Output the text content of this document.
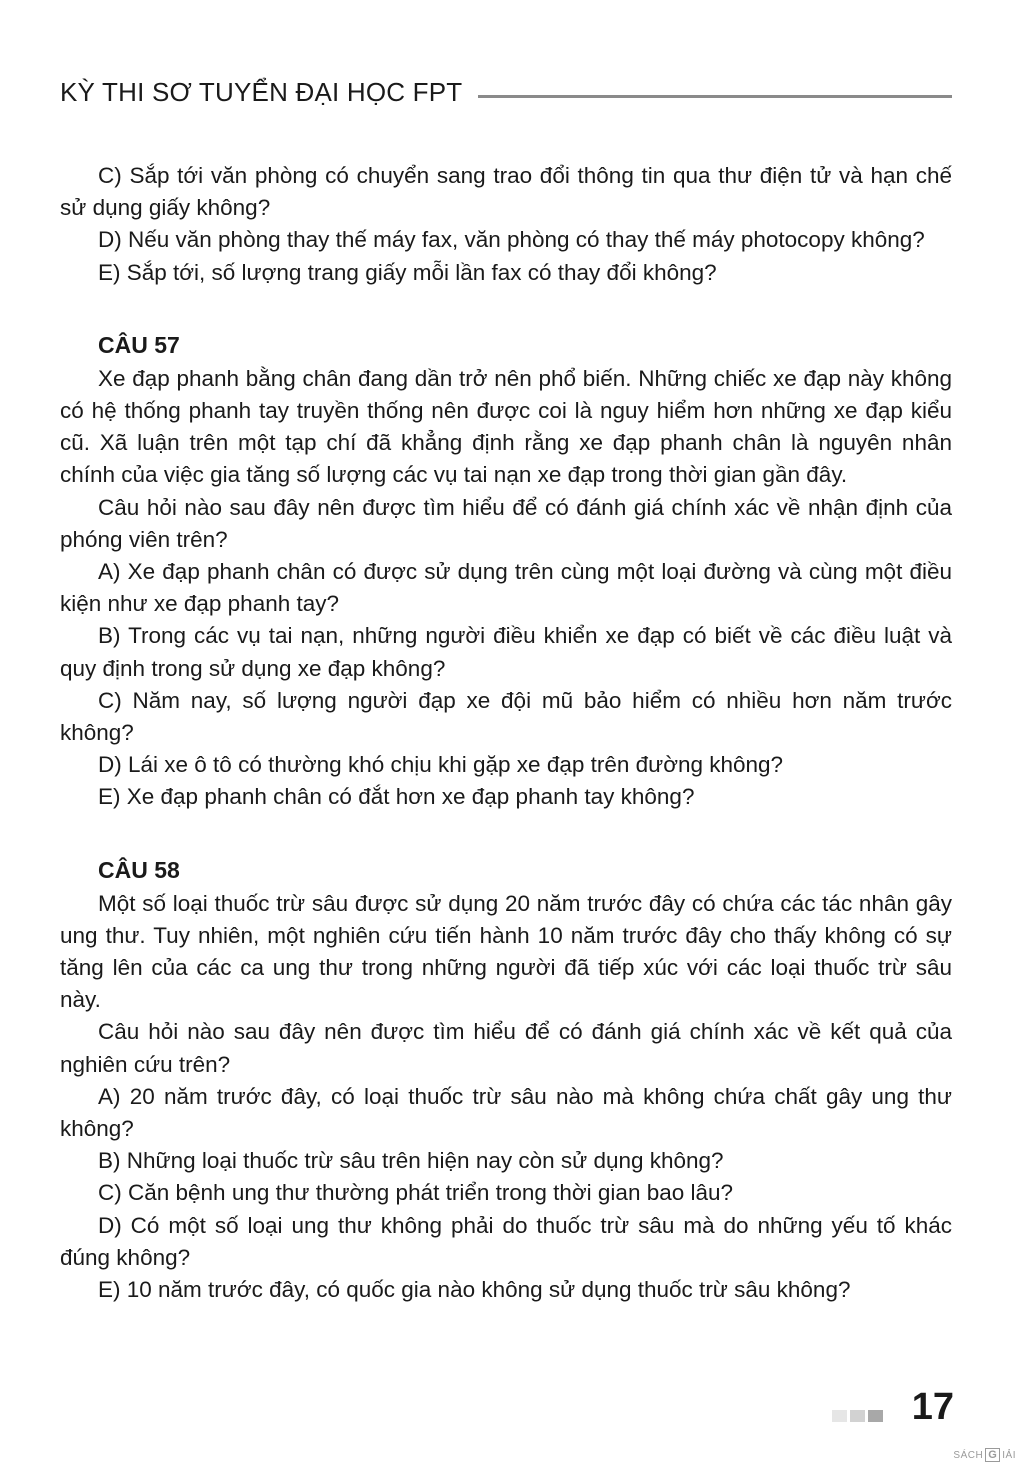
KỲ THI SƠ TUYỂN ĐẠI HỌC FPT

C) Sắp tới văn phòng có chuyển sang trao đổi thông tin qua thư điện tử và hạn chế sử dụng giấy không?

D) Nếu văn phòng thay thế máy fax, văn phòng có thay thế máy photocopy không?

E) Sắp tới, số lượng trang giấy mỗi lần fax có thay đổi không?

CÂU 57

Xe đạp phanh bằng chân đang dần trở nên phổ biến. Những chiếc xe đạp này không có hệ thống phanh tay truyền thống nên được coi là nguy hiểm hơn những xe đạp kiểu cũ. Xã luận trên một tạp chí đã khẳng định rằng xe đạp phanh chân là nguyên nhân chính của việc gia tăng số lượng các vụ tai nạn xe đạp trong thời gian gần đây.

Câu hỏi nào sau đây nên được tìm hiểu để có đánh giá chính xác về nhận định của phóng viên trên?

A) Xe đạp phanh chân có được sử dụng trên cùng một loại đường và cùng một điều kiện như xe đạp phanh tay?

B) Trong các vụ tai nạn, những người điều khiển xe đạp có biết về các điều luật và quy định trong sử dụng xe đạp không?

C) Năm nay, số lượng người đạp xe đội mũ bảo hiểm có nhiều hơn năm trước không?

D) Lái xe ô tô có thường khó chịu khi gặp xe đạp trên đường không?

E) Xe đạp phanh chân có đắt hơn xe đạp phanh tay không?

CÂU 58

Một số loại thuốc trừ sâu được sử dụng 20 năm trước đây có chứa các tác nhân gây ung thư. Tuy nhiên, một nghiên cứu tiến hành 10 năm trước đây cho thấy không có sự tăng lên của các ca ung thư trong những người đã tiếp xúc với các loại thuốc trừ sâu này.

Câu hỏi nào sau đây nên được tìm hiểu để có đánh giá chính xác về kết quả của nghiên cứu trên?

A) 20 năm trước đây, có loại thuốc trừ sâu nào mà không chứa chất gây ung thư không?

B) Những loại thuốc trừ sâu trên hiện nay còn sử dụng không?

C) Căn bệnh ung thư thường phát triển trong thời gian bao lâu?

D) Có một số loại ung thư không phải do thuốc trừ sâu mà do những yếu tố khác đúng không?

E) 10 năm trước đây, có quốc gia nào không sử dụng thuốc trừ sâu không?

17
SÁCH G IẢI
